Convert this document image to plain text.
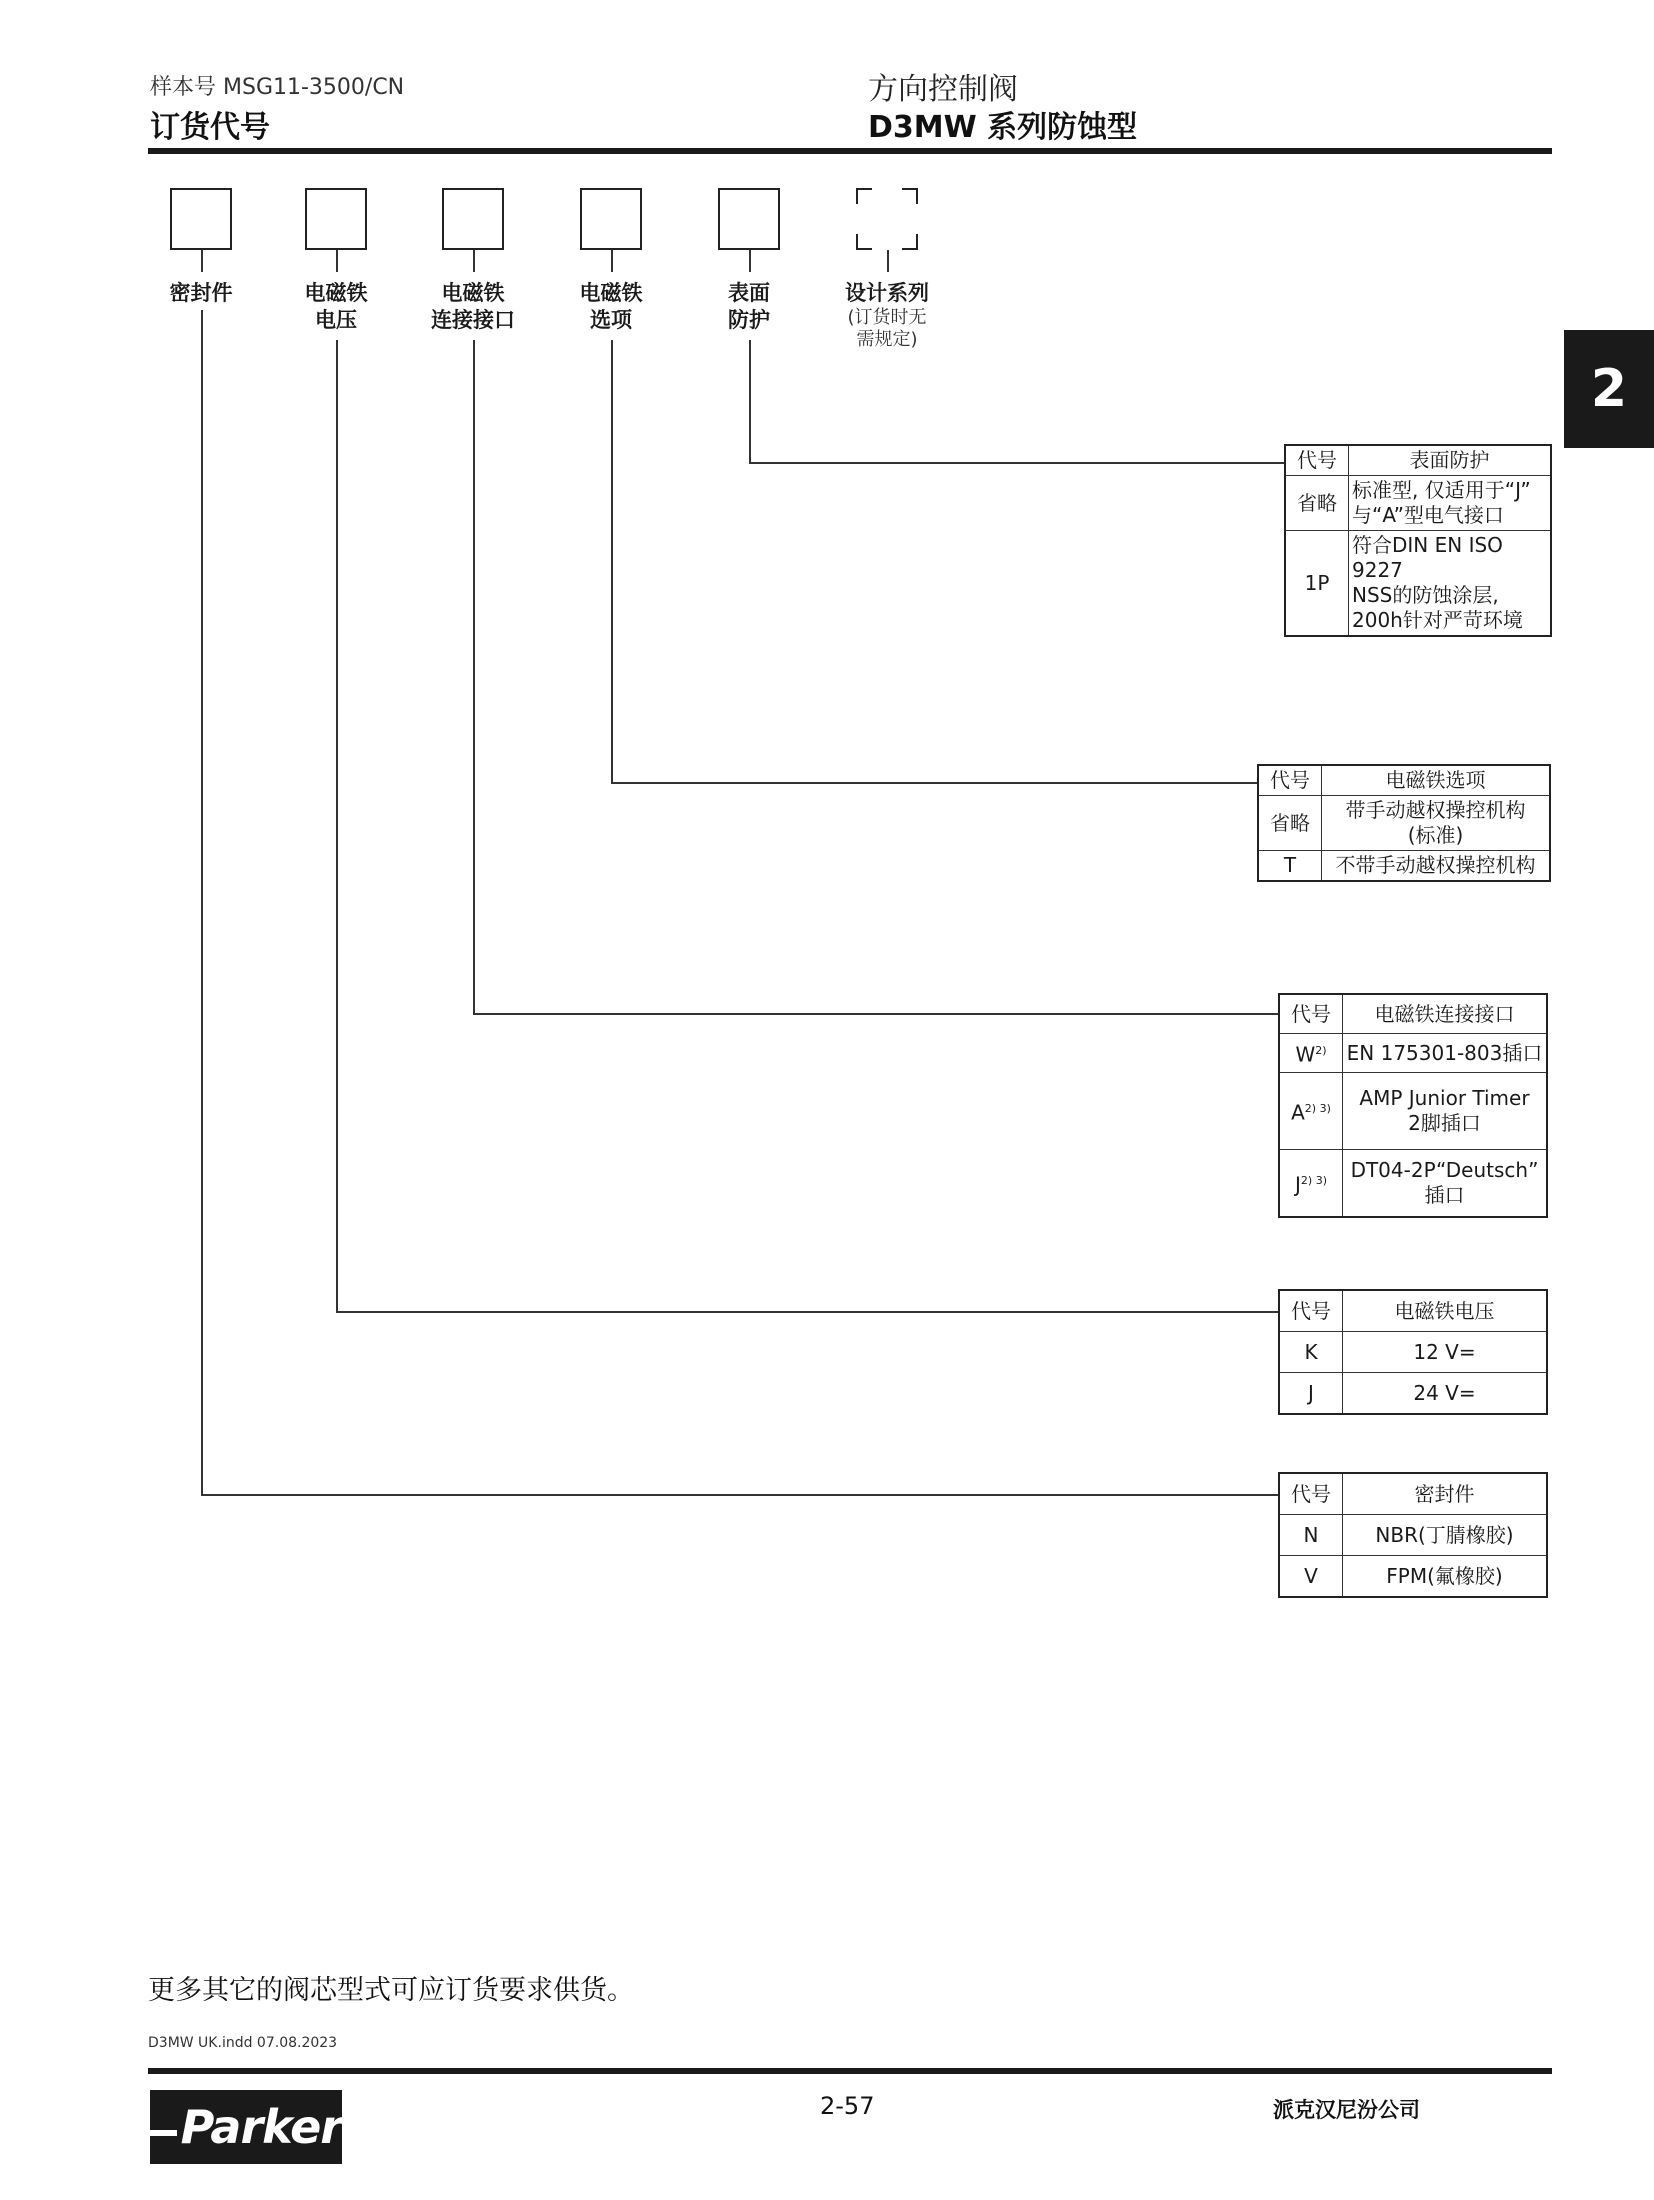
样本号 MSG11-3500/CN
订货代号
方向控制阀
D3MW 系列防蚀型
2
密封件	电磁铁
电压
电磁铁
连接接口
电磁铁
选项
表面
防护
设计系列
(订货时无
需规定)
代号	表面防护
省略	标准型, 仅适用于“J”
与“A”型电气接口
1P	符合DIN EN ISO 9227
NSS的防蚀涂层,
200h针对严苛环境
代号	电磁铁选项
省略	带手动越权操控机构
(标准)
T	不带手动越权操控机构
代号	电磁铁连接接口
$W^{2)}$	EN 175301-803插口
$A^{2) 3)}$	AMP Junior Timer
2脚插口
$J^{2) 3)}$	DT04-2P“Deutsch”
插口
代号	电磁铁电压
K	12 V=
J	24 V=
代号	密封件
N	NBR(丁腈橡胶)
V	FPM(氟橡胶)
更多其它的阀芯型式可应订货要求供货。
D3MW UK.indd 07.08.2023
Parker	2-57	派克汉尼汾公司
